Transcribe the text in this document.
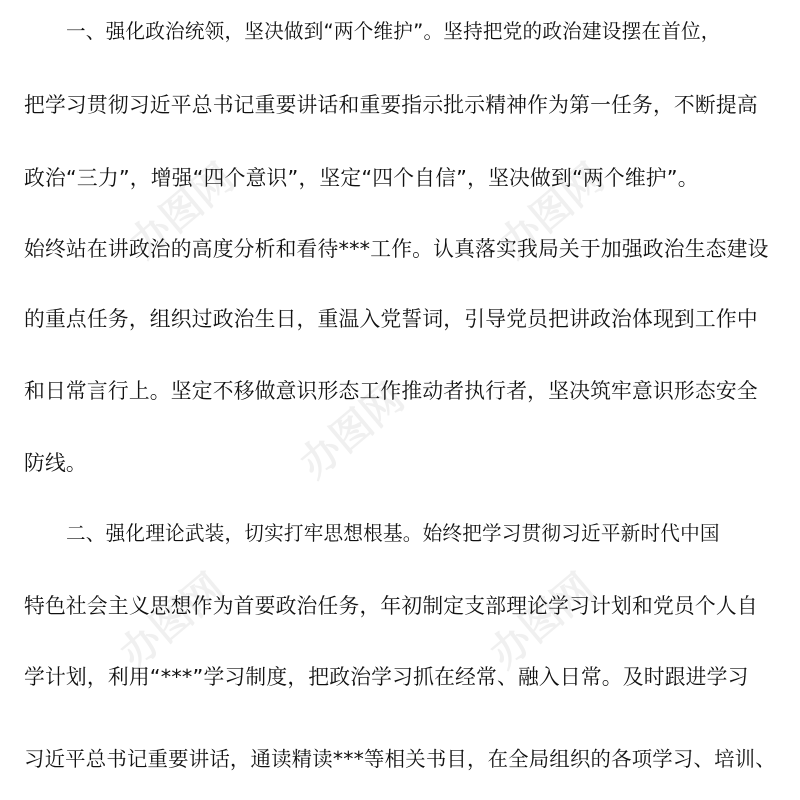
办图网	办图网
办图网
办图网	办图网
一、强化政治统领，坚决做到“两个维护”。坚持把党的政治建设摆在首位，
把学习贯彻习近平总书记重要讲话和重要指示批示精神作为第一任务，不断提高
政治“三力”，增强“四个意识”，坚定“四个自信”，坚决做到“两个维护”。
始终站在讲政治的高度分析和看待***工作。认真落实我局关于加强政治生态建设
的重点任务，组织过政治生日，重温入党誓词，引导党员把讲政治体现到工作中
和日常言行上。坚定不移做意识形态工作推动者执行者，坚决筑牢意识形态安全
防线。
二、强化理论武装，切实打牢思想根基。始终把学习贯彻习近平新时代中国
特色社会主义思想作为首要政治任务，年初制定支部理论学习计划和党员个人自
学计划，利用“***”学习制度，把政治学习抓在经常、融入日常。及时跟进学习
习近平总书记重要讲话，通读精读***等相关书目，在全局组织的各项学习、培训、
